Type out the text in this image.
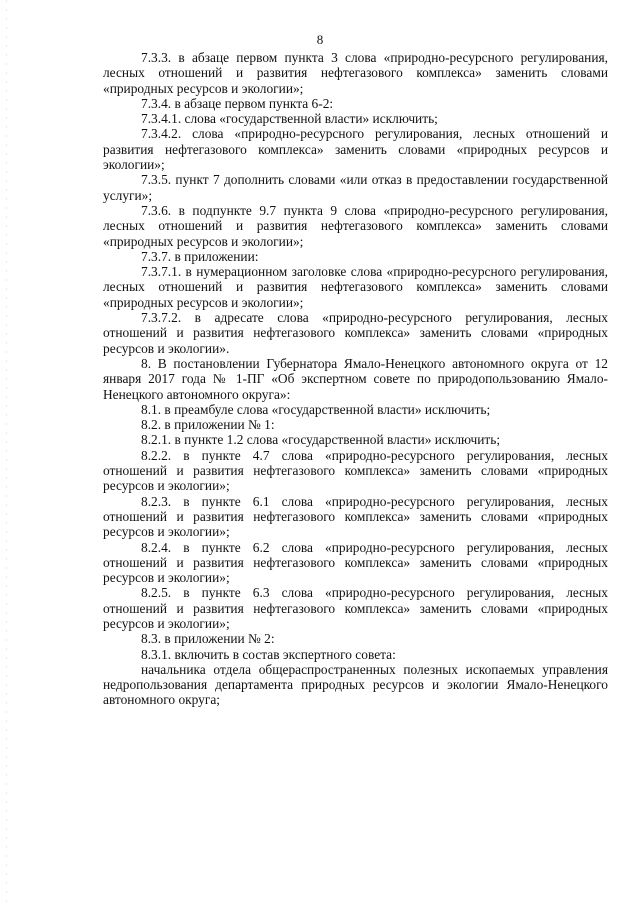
8

7.3.3. в абзаце первом пункта 3 слова «природно-ресурсного регулирования, лесных отношений и развития нефтегазового комплекса» заменить словами «природных ресурсов и экологии»;

7.3.4. в абзаце первом пункта 6-2:

7.3.4.1. слова «государственной власти» исключить;

7.3.4.2. слова «природно-ресурсного регулирования, лесных отношений и развития нефтегазового комплекса» заменить словами «природных ресурсов и экологии»;

7.3.5. пункт 7 дополнить словами «или отказ в предоставлении государственной услуги»;

7.3.6. в подпункте 9.7 пункта 9 слова «природно-ресурсного регулирования, лесных отношений и развития нефтегазового комплекса» заменить словами «природных ресурсов и экологии»;

7.3.7. в приложении:

7.3.7.1. в нумерационном заголовке слова «природно-ресурсного регулирования, лесных отношений и развития нефтегазового комплекса» заменить словами «природных ресурсов и экологии»;

7.3.7.2. в адресате слова «природно-ресурсного регулирования, лесных отношений и развития нефтегазового комплекса» заменить словами «природных ресурсов и экологии».

8. В постановлении Губернатора Ямало-Ненецкого автономного округа от 12 января 2017 года № 1-ПГ «Об экспертном совете по природопользованию Ямало-Ненецкого автономного округа»:

8.1. в преамбуле слова «государственной власти» исключить;

8.2. в приложении № 1:

8.2.1. в пункте 1.2 слова «государственной власти» исключить;

8.2.2. в пункте 4.7 слова «природно-ресурсного регулирования, лесных отношений и развития нефтегазового комплекса» заменить словами «природных ресурсов и экологии»;

8.2.3. в пункте 6.1 слова «природно-ресурсного регулирования, лесных отношений и развития нефтегазового комплекса» заменить словами «природных ресурсов и экологии»;

8.2.4. в пункте 6.2 слова «природно-ресурсного регулирования, лесных отношений и развития нефтегазового комплекса» заменить словами «природных ресурсов и экологии»;

8.2.5. в пункте 6.3 слова «природно-ресурсного регулирования, лесных отношений и развития нефтегазового комплекса» заменить словами «природных ресурсов и экологии»;

8.3. в приложении № 2:

8.3.1. включить в состав экспертного совета:

начальника отдела общераспространенных полезных ископаемых управления недропользования департамента природных ресурсов и экологии Ямало-Ненецкого автономного округа;
